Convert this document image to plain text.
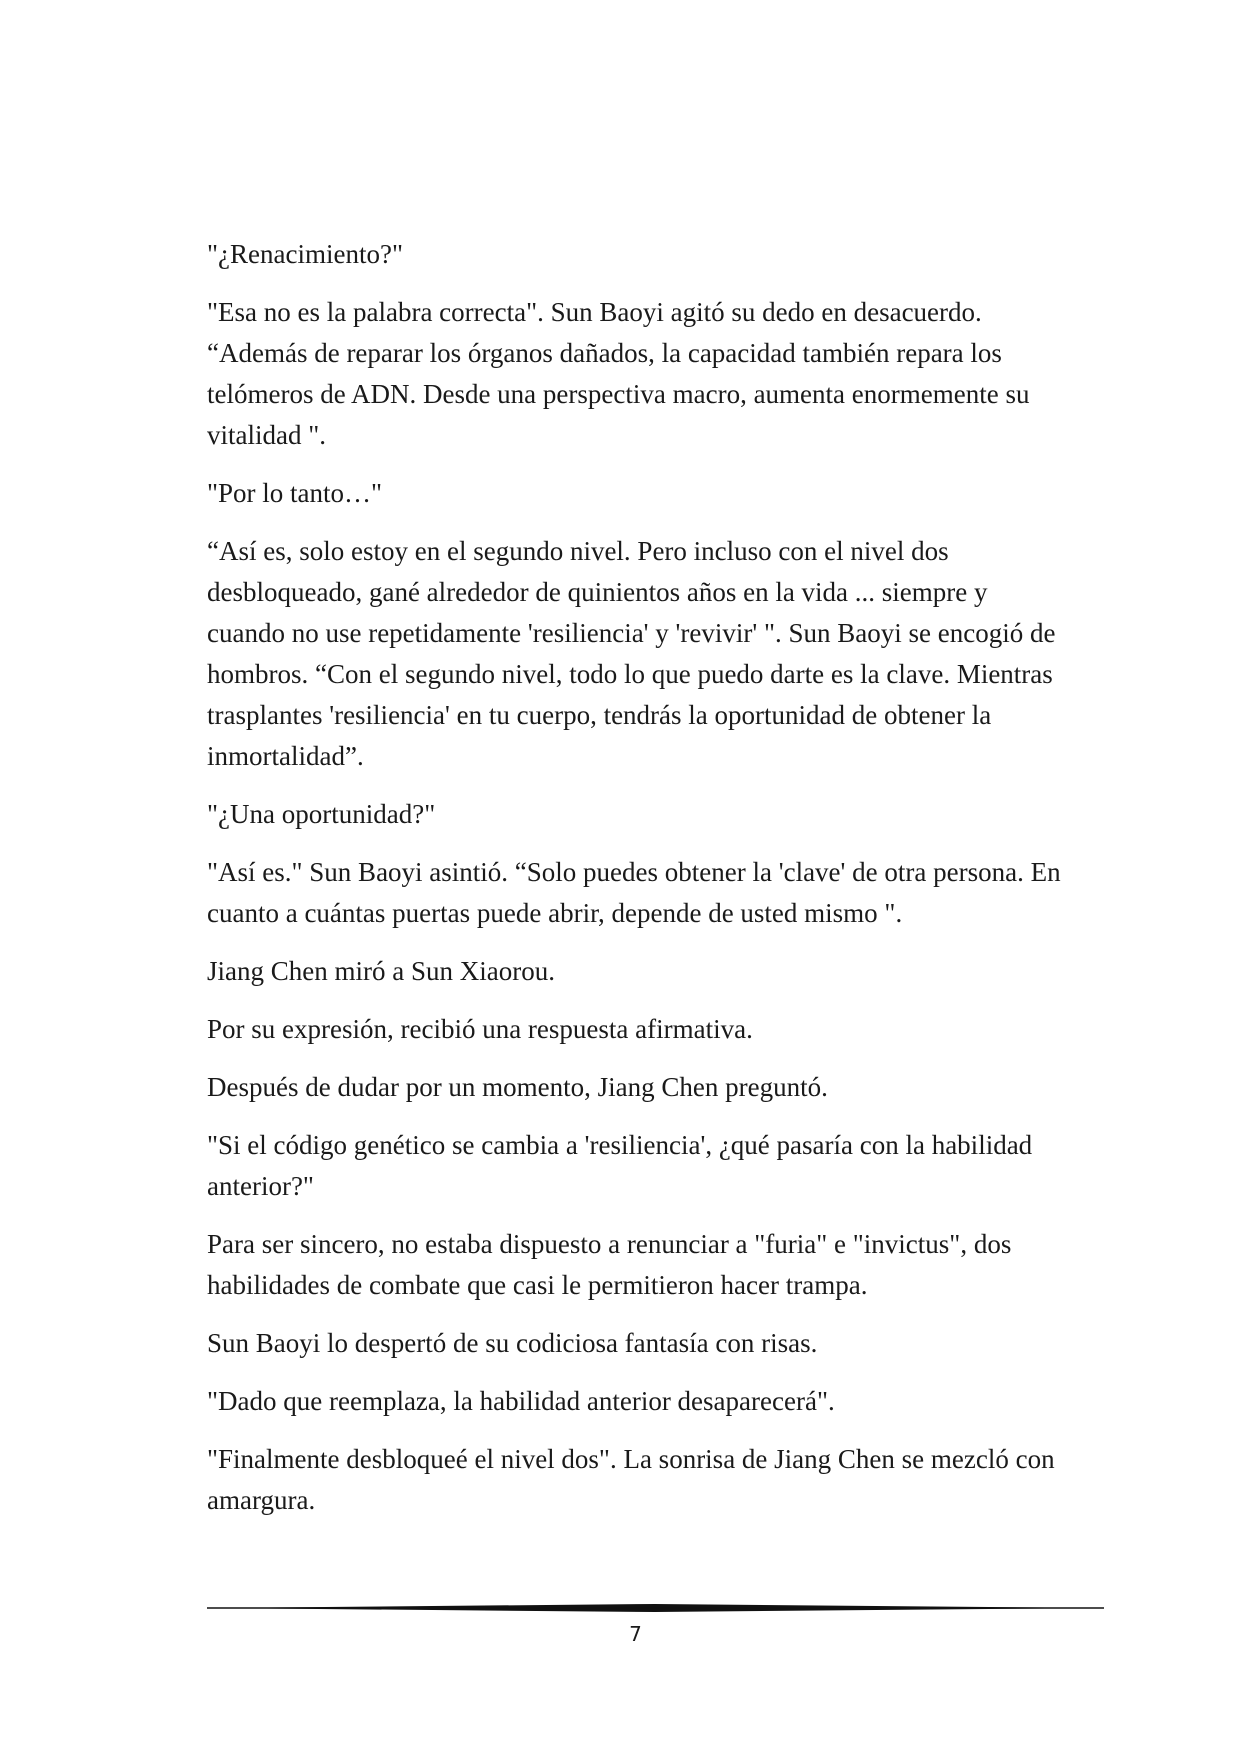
"¿Renacimiento?"

"Esa no es la palabra correcta". Sun Baoyi agitó su dedo en desacuerdo. “Además de reparar los órganos dañados, la capacidad también repara los telómeros de ADN. Desde una perspectiva macro, aumenta enormemente su vitalidad ".

"Por lo tanto…"

“Así es, solo estoy en el segundo nivel. Pero incluso con el nivel dos desbloqueado, gané alrededor de quinientos años en la vida ... siempre y cuando no use repetidamente 'resiliencia' y 'revivir' ". Sun Baoyi se encogió de hombros. “Con el segundo nivel, todo lo que puedo darte es la clave. Mientras trasplantes 'resiliencia' en tu cuerpo, tendrás la oportunidad de obtener la inmortalidad”.

"¿Una oportunidad?"

"Así es." Sun Baoyi asintió. “Solo puedes obtener la 'clave' de otra persona. En cuanto a cuántas puertas puede abrir, depende de usted mismo ".

Jiang Chen miró a Sun Xiaorou.

Por su expresión, recibió una respuesta afirmativa.

Después de dudar por un momento, Jiang Chen preguntó.

"Si el código genético se cambia a 'resiliencia', ¿qué pasaría con la habilidad anterior?"

Para ser sincero, no estaba dispuesto a renunciar a "furia" e "invictus", dos habilidades de combate que casi le permitieron hacer trampa.

Sun Baoyi lo despertó de su codiciosa fantasía con risas.

"Dado que reemplaza, la habilidad anterior desaparecerá".

"Finalmente desbloqueé el nivel dos". La sonrisa de Jiang Chen se mezcló con amargura.

7
